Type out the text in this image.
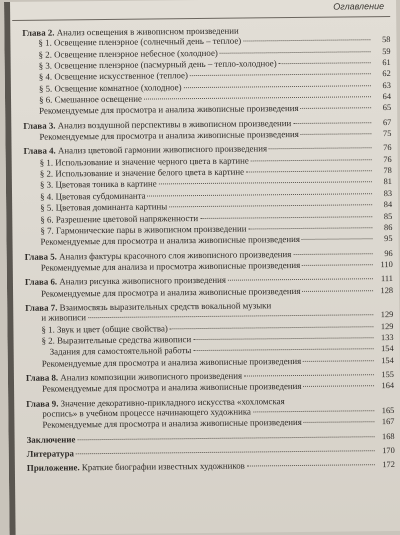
Оглавление
Глава 2. Анализ освещения в живописном произведении
§ 1. Освещение пленэрное (солнечный день – теплое)	58
§ 2. Освещение пленэрное небесное (холодное)	59
§ 3. Освещение пленэрное (пасмурный день – тепло-холодное)	61
§ 4. Освещение искусственное (теплое)	62
§ 5. Освещение комнатное (холодное)	63
§ 6. Смешанное освещение	64
Рекомендуемые для просмотра и анализа живописные произведения	65
Глава 3. Анализ воздушной перспективы в живописном произведении	67
Рекомендуемые для просмотра и анализа живописные произведения	75
Глава 4. Анализ цветовой гармонии живописного произведения	76
§ 1. Использование и значение черного цвета в картине	76
§ 2. Использование и значение белого цвета в картине	78
§ 3. Цветовая тоника в картине	81
§ 4. Цветовая субдоминанта	83
§ 5. Цветовая доминанта картины	84
§ 6. Разрешение цветовой напряженности	85
§ 7. Гармонические пары в живописном произведении	86
Рекомендуемые для просмотра и анализа живописные произведения	95
Глава 5. Анализ фактуры красочного слоя живописного произведения	96
Рекомендуемые для анализа и просмотра живописные произведения	110
Глава 6. Анализ рисунка живописного произведения	111
Рекомендуемые для просмотра и анализа живописные произведения	128
Глава 7. Взаимосвязь выразительных средств вокальной музыки
и живописи	129
§ 1. Звук и цвет (общие свойства)	129
§ 2. Выразительные средства живописи	133
Задания для самостоятельной работы	154
Рекомендуемые для просмотра и анализа живописные произведения	154
Глава 8. Анализ композиции живописного произведения	155
Рекомендуемые для просмотра и анализа живописные произведения	164
Глава 9. Значение декоративно-прикладного искусства «хохломская
роспись» в учебном процессе начинающего художника	165
Рекомендуемые для просмотра и анализа живописные произведения	167
Заключение	168
Литература	170
Приложение. Краткие биографии известных художников	172
